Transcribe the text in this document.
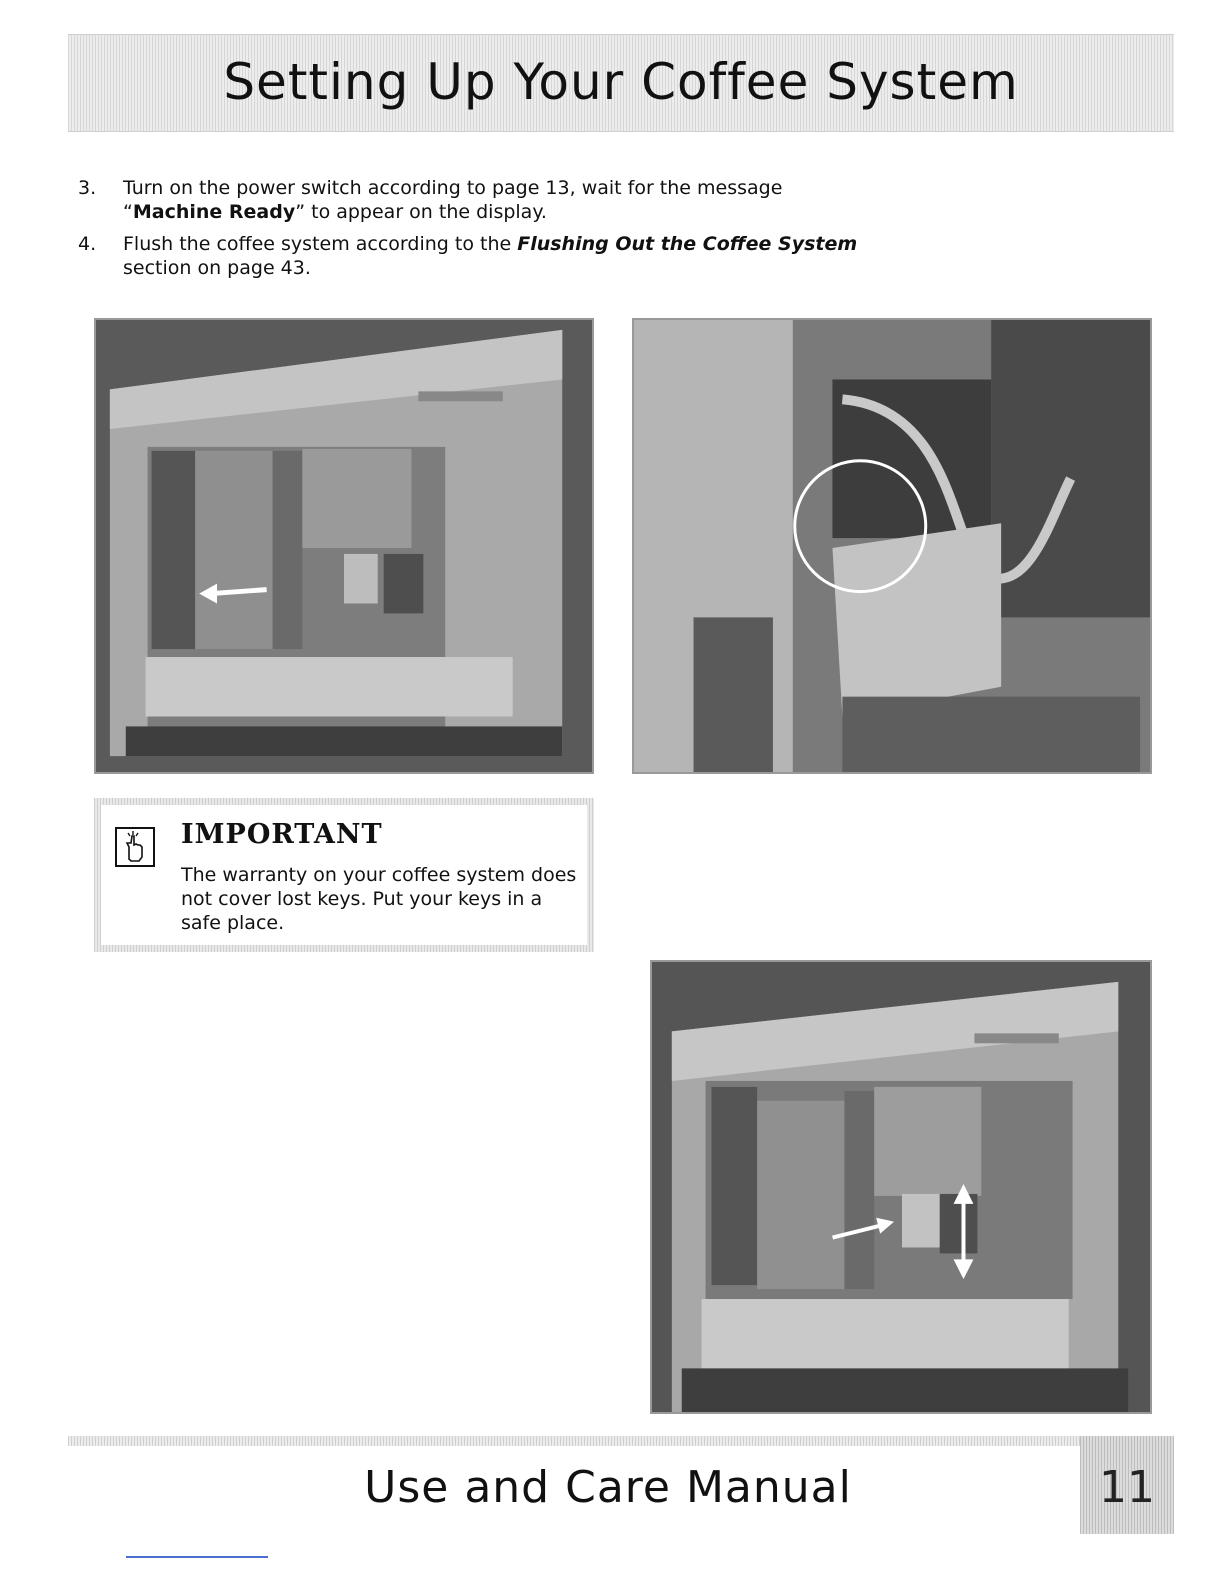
Setting Up Your Coffee System
3.	Turn on the power switch according to page 13, wait for the message
“Machine Ready” to appear on the display.
4.	Flush the coffee system according to the Flushing Out the Coffee System section on page 43.
IMPORTANT

The warranty on your coffee system does not cover lost keys. Put your keys in a safe place.

Use and Care Manual	11
